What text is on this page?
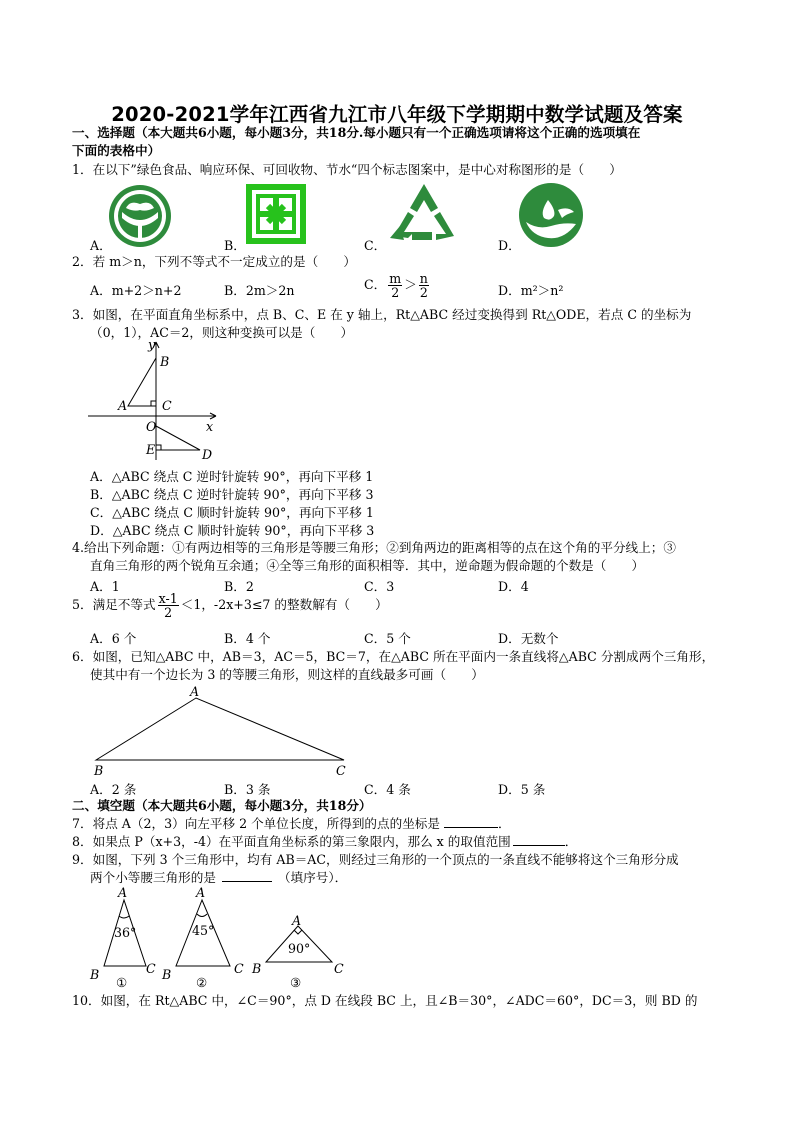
2020-2021学年江西省九江市八年级下学期期中数学试题及答案
一、选择题（本大题共6小题，每小题3分，共18分.每小题只有一个正确选项请将这个正确的选项填在
下面的表格中）
1．在以下”绿色食品、响应环保、可回收物、节水“四个标志图案中，是中心对称图形的是（　　）
A．	B．	C．	D．
2．若 m＞n，下列不等式不一定成立的是（　　）
A．m+2＞n+2	B．2m＞2n	C． $\frac{m}{2} > \frac{n}{2}$	D．m²＞n²
3．如图，在平面直角坐标系中，点 B、C、E 在 y 轴上，Rt△ABC 经过变换得到 Rt△ODE，若点 C 的坐标为
（0，1），AC＝2，则这种变换可以是（　　）
y
B
A	C
O	x
E	D
A．△ABC 绕点 C 逆时针旋转 90°，再向下平移 1
B．△ABC 绕点 C 逆时针旋转 90°，再向下平移 3
C．△ABC 绕点 C 顺时针旋转 90°，再向下平移 1
D．△ABC 绕点 C 顺时针旋转 90°，再向下平移 3
4.给出下列命题：①有两边相等的三角形是等腰三角形；②到角两边的距离相等的点在这个角的平分线上；③
直角三角形的两个锐角互余通；④全等三角形的面积相等．其中，逆命题为假命题的个数是（　　）
A．1	B．2	C．3	D．4
5．满足不等式 $\frac{x-1}{2} <1$，-2x+3≤7 的整数解有（　　）
A．6 个	B．4 个	C．5 个	D．无数个
6．如图，已知△ABC 中，AB＝3，AC＝5，BC＝7，在△ABC 所在平面内一条直线将△ABC 分割成两个三角形，
使其中有一个边长为 3 的等腰三角形，则这样的直线最多可画（　　）
A
B	C
A．2 条	B．3 条	C．4 条	D．5 条
二、填空题（本大题共6小题，每小题3分，共18分）
7．将点 A（2，3）向左平移 2 个单位长度，所得到的点的坐标是	．
8．如果点 P（x+3，-4）在平面直角坐标系的第三象限内，那么 x 的取值范围	．
9．如图，下列 3 个三角形中，均有 AB＝AC，则经过三角形的一个顶点的一条直线不能够将这个三角形分成
两个小等腰三角形的是	（填序号）．
A
36°
B	C
①
A
45°
B	C
②
A
90°
B	C
③
10．如图，在 Rt△ABC 中，∠C＝90°，点 D 在线段 BC 上，且∠B＝30°，∠ADC＝60°，DC＝3，则 BD 的
